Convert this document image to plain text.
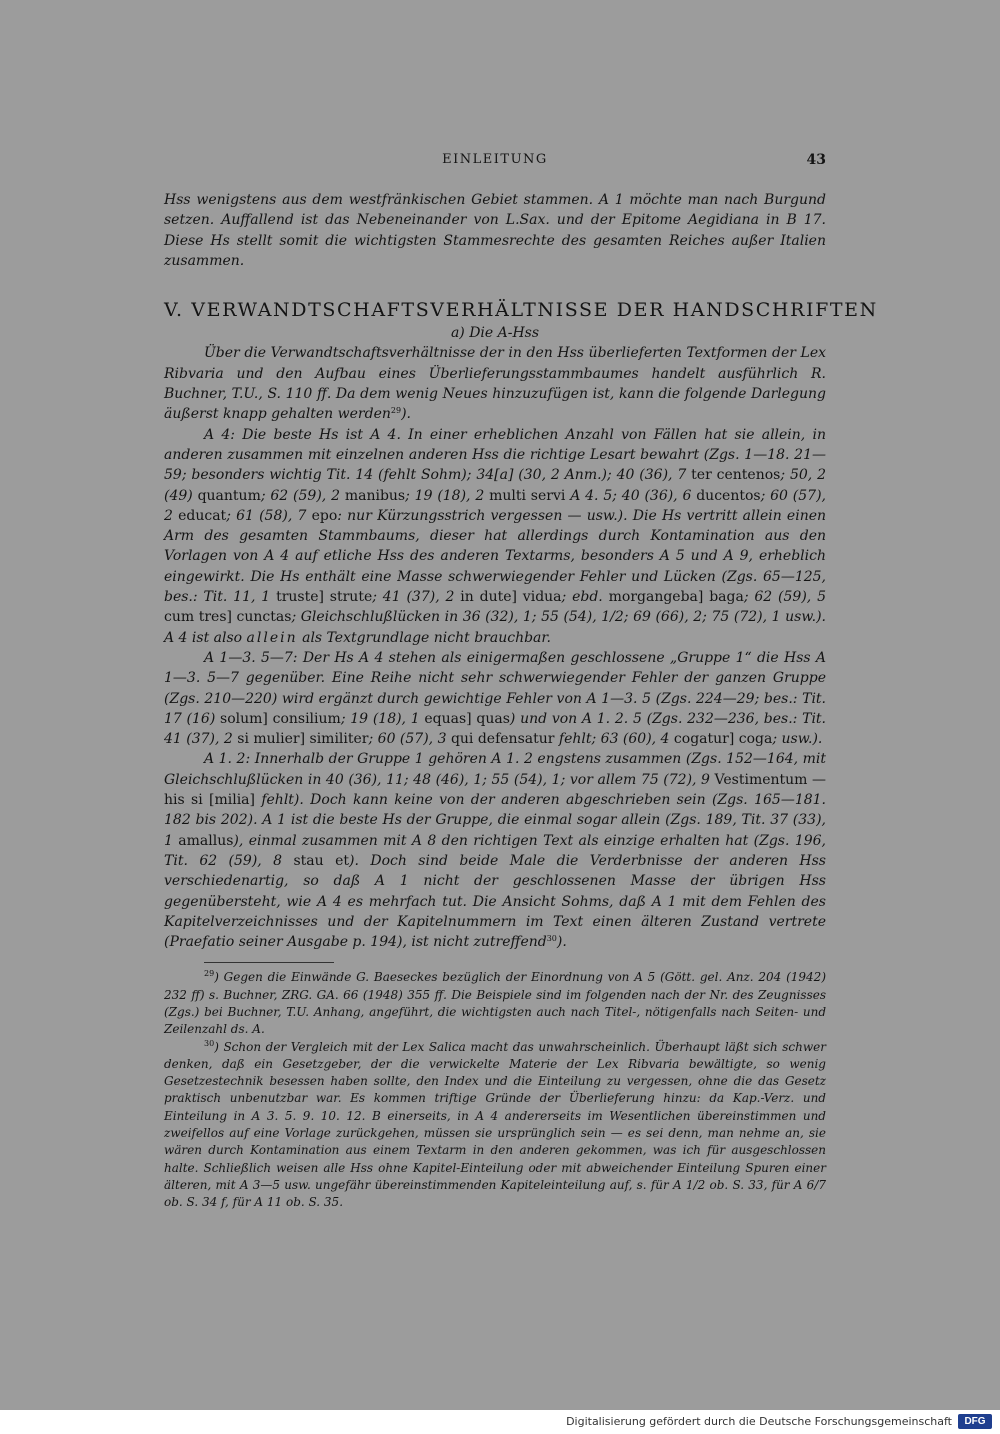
EINLEITUNG	43

Hss wenigstens aus dem westfränkischen Gebiet stammen. A 1 möchte man nach Burgund setzen. Auffallend ist das Nebeneinander von L.Sax. und der Epitome Aegidiana in B 17. Diese Hs stellt somit die wichtigsten Stammesrechte des gesamten Reiches außer Italien zusammen.

V. VERWANDTSCHAFTSVERHÄLTNISSE DER HANDSCHRIFTEN

a) Die A-Hss

Über die Verwandtschaftsverhältnisse der in den Hss überlieferten Textformen der Lex Ribvaria und den Aufbau eines Überlieferungsstammbaumes handelt ausführlich R. Buchner, T.U., S. 110 ff. Da dem wenig Neues hinzuzufügen ist, kann die folgende Darlegung äußerst knapp gehalten werden$^{29}$).

A 4: Die beste Hs ist A 4. In einer erheblichen Anzahl von Fällen hat sie allein, in anderen zusammen mit einzelnen anderen Hss die richtige Lesart bewahrt (Zgs. 1—18. 21—59; besonders wichtig Tit. 14 (fehlt Sohm); 34[a] (30, 2 Anm.); 40 (36), 7 ter centenos; 50, 2 (49) quantum; 62 (59), 2 manibus; 19 (18), 2 multi servi A 4. 5; 40 (36), 6 ducentos; 60 (57), 2 educat; 61 (58), 7 epo: nur Kürzungsstrich vergessen — usw.). Die Hs vertritt allein einen Arm des gesamten Stammbaums, dieser hat allerdings durch Kontamination aus den Vorlagen von A 4 auf etliche Hss des anderen Textarms, besonders A 5 und A 9, erheblich eingewirkt. Die Hs enthält eine Masse schwerwiegender Fehler und Lücken (Zgs. 65—125, bes.: Tit. 11, 1 truste] strute; 41 (37), 2 in dute] vidua; ebd. morgangeba] baga; 62 (59), 5 cum tres] cunctas; Gleichschlußlücken in 36 (32), 1; 55 (54), 1/2; 69 (66), 2; 75 (72), 1 usw.). A 4 ist also allein als Textgrundlage nicht brauchbar.

A 1—3. 5—7: Der Hs A 4 stehen als einigermaßen geschlossene „Gruppe 1“ die Hss A 1—3. 5—7 gegenüber. Eine Reihe nicht sehr schwerwiegender Fehler der ganzen Gruppe (Zgs. 210—220) wird ergänzt durch gewichtige Fehler von A 1—3. 5 (Zgs. 224—29; bes.: Tit. 17 (16) solum] consilium; 19 (18), 1 equas] quas) und von A 1. 2. 5 (Zgs. 232—236, bes.: Tit. 41 (37), 2 si mulier] similiter; 60 (57), 3 qui defensatur fehlt; 63 (60), 4 cogatur] coga; usw.).

A 1. 2: Innerhalb der Gruppe 1 gehören A 1. 2 engstens zusammen (Zgs. 152—164, mit Gleichschlußlücken in 40 (36), 11; 48 (46), 1; 55 (54), 1; vor allem 75 (72), 9 Vestimentum — his si [milia] fehlt). Doch kann keine von der anderen abgeschrieben sein (Zgs. 165—181. 182 bis 202). A 1 ist die beste Hs der Gruppe, die einmal sogar allein (Zgs. 189, Tit. 37 (33), 1 amallus), einmal zusammen mit A 8 den richtigen Text als einzige erhalten hat (Zgs. 196, Tit. 62 (59), 8 stau et). Doch sind beide Male die Verderbnisse der anderen Hss verschiedenartig, so daß A 1 nicht der geschlossenen Masse der übrigen Hss gegenübersteht, wie A 4 es mehrfach tut. Die Ansicht Sohms, daß A 1 mit dem Fehlen des Kapitelverzeichnisses und der Kapitelnummern im Text einen älteren Zustand vertrete (Praefatio seiner Ausgabe p. 194), ist nicht zutreffend$^{30}$).

$^{29}$) Gegen die Einwände G. Baeseckes bezüglich der Einordnung von A 5 (Gött. gel. Anz. 204 (1942) 232 ff) s. Buchner, ZRG. GA. 66 (1948) 355 ff. Die Beispiele sind im folgenden nach der Nr. des Zeugnisses (Zgs.) bei Buchner, T.U. Anhang, angeführt, die wichtigsten auch nach Titel-, nötigenfalls nach Seiten- und Zeilenzahl ds. A.

$^{30}$) Schon der Vergleich mit der Lex Salica macht das unwahrscheinlich. Überhaupt läßt sich schwer denken, daß ein Gesetzgeber, der die verwickelte Materie der Lex Ribvaria bewältigte, so wenig Gesetzestechnik besessen haben sollte, den Index und die Einteilung zu vergessen, ohne die das Gesetz praktisch unbenutzbar war. Es kommen triftige Gründe der Überlieferung hinzu: da Kap.-Verz. und Einteilung in A 3. 5. 9. 10. 12. B einerseits, in A 4 andererseits im Wesentlichen übereinstimmen und zweifellos auf eine Vorlage zurückgehen, müssen sie ursprünglich sein — es sei denn, man nehme an, sie wären durch Kontamination aus einem Textarm in den anderen gekommen, was ich für ausgeschlossen halte. Schließlich weisen alle Hss ohne Kapitel-Einteilung oder mit abweichender Einteilung Spuren einer älteren, mit A 3—5 usw. ungefähr übereinstimmenden Kapiteleinteilung auf, s. für A 1/2 ob. S. 33, für A 6/7 ob. S. 34 f, für A 11 ob. S. 35.

Digitalisierung gefördert durch die Deutsche Forschungsgemeinschaft	DFG
